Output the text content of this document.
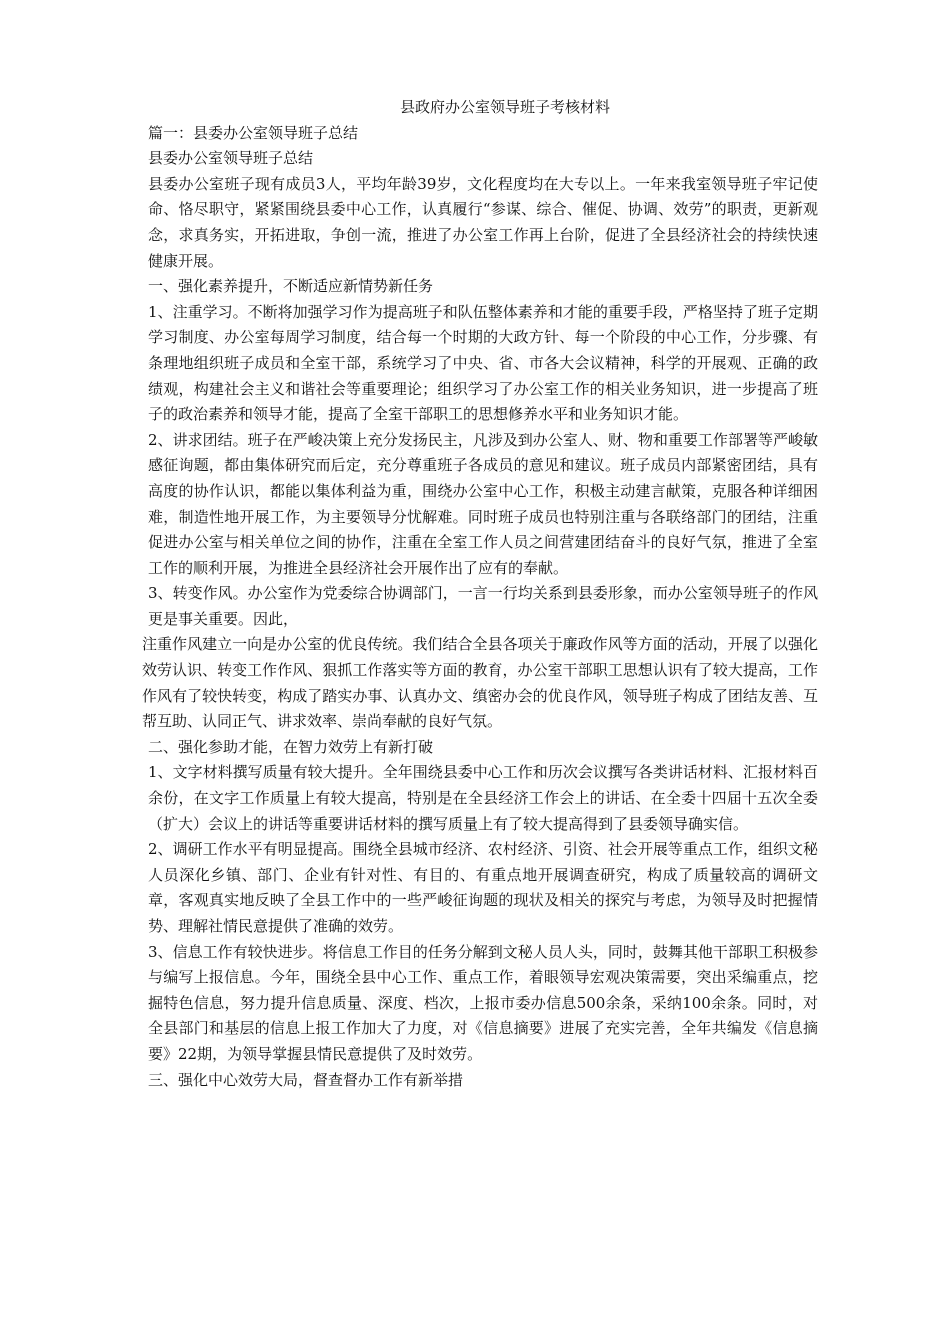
县政府办公室领导班子考核材料

篇一：县委办公室领导班子总结

县委办公室领导班子总结

县委办公室班子现有成员3人，平均年龄39岁，文化程度均在大专以上。一年来我室领导班子牢记使命、恪尽职守，紧紧围绕县委中心工作，认真履行“参谋、综合、催促、协调、效劳”的职责，更新观念，求真务实，开拓进取，争创一流，推进了办公室工作再上台阶，促进了全县经济社会的持续快速健康开展。

一、强化素养提升，不断适应新情势新任务

1、注重学习。不断将加强学习作为提高班子和队伍整体素养和才能的重要手段，严格坚持了班子定期学习制度、办公室每周学习制度，结合每一个时期的大政方针、每一个阶段的中心工作，分步骤、有条理地组织班子成员和全室干部，系统学习了中央、省、市各大会议精神，科学的开展观、正确的政绩观，构建社会主义和谐社会等重要理论；组织学习了办公室工作的相关业务知识，进一步提高了班子的政治素养和领导才能，提高了全室干部职工的思想修养水平和业务知识才能。

2、讲求团结。班子在严峻决策上充分发扬民主，凡涉及到办公室人、财、物和重要工作部署等严峻敏感征询题，都由集体研究而后定，充分尊重班子各成员的意见和建议。班子成员内部紧密团结，具有高度的协作认识，都能以集体利益为重，围绕办公室中心工作，积极主动建言献策，克服各种详细困难，制造性地开展工作，为主要领导分忧解难。同时班子成员也特别注重与各联络部门的团结，注重促进办公室与相关单位之间的协作，注重在全室工作人员之间营建团结奋斗的良好气氛，推进了全室工作的顺利开展，为推进全县经济社会开展作出了应有的奉献。

3、转变作风。办公室作为党委综合协调部门，一言一行均关系到县委形象，而办公室领导班子的作风更是事关重要。因此，

注重作风建立一向是办公室的优良传统。我们结合全县各项关于廉政作风等方面的活动，开展了以强化效劳认识、转变工作作风、狠抓工作落实等方面的教育，办公室干部职工思想认识有了较大提高，工作作风有了较快转变，构成了踏实办事、认真办文、缜密办会的优良作风，领导班子构成了团结友善、互帮互助、认同正气、讲求效率、崇尚奉献的良好气氛。

二、强化参助才能，在智力效劳上有新打破

1、文字材料撰写质量有较大提升。全年围绕县委中心工作和历次会议撰写各类讲话材料、汇报材料百余份，在文字工作质量上有较大提高，特别是在全县经济工作会上的讲话、在全委十四届十五次全委（扩大）会议上的讲话等重要讲话材料的撰写质量上有了较大提高得到了县委领导确实信。

2、调研工作水平有明显提高。围绕全县城市经济、农村经济、引资、社会开展等重点工作，组织文秘人员深化乡镇、部门、企业有针对性、有目的、有重点地开展调查研究，构成了质量较高的调研文章，客观真实地反映了全县工作中的一些严峻征询题的现状及相关的探究与考虑，为领导及时把握情势、理解社情民意提供了准确的效劳。

3、信息工作有较快进步。将信息工作目的任务分解到文秘人员人头，同时，鼓舞其他干部职工积极参与编写上报信息。今年，围绕全县中心工作、重点工作，着眼领导宏观决策需要，突出采编重点，挖掘特色信息，努力提升信息质量、深度、档次，上报市委办信息500余条，采纳100余条。同时，对全县部门和基层的信息上报工作加大了力度，对《信息摘要》进展了充实完善，全年共编发《信息摘要》22期，为领导掌握县情民意提供了及时效劳。

三、强化中心效劳大局，督查督办工作有新举措
